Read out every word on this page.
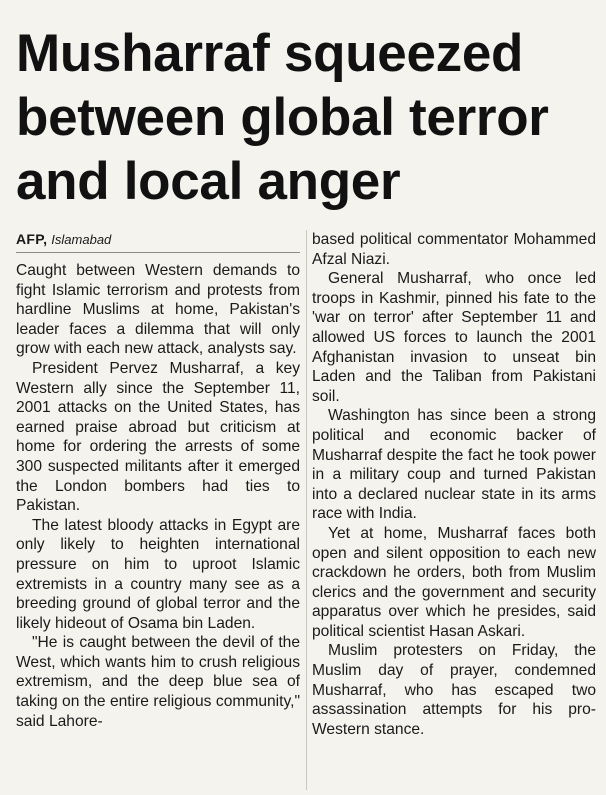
Musharraf squeezed between global terror and local anger
AFP, Islamabad

Caught between Western demands to fight Islamic terrorism and protests from hardline Muslims at home, Pakistan's leader faces a dilemma that will only grow with each new attack, analysts say.

President Pervez Musharraf, a key Western ally since the September 11, 2001 attacks on the United States, has earned praise abroad but criticism at home for ordering the arrests of some 300 suspected militants after it emerged the London bombers had ties to Pakistan.

The latest bloody attacks in Egypt are only likely to heighten international pressure on him to uproot Islamic extremists in a country many see as a breeding ground of global terror and the likely hideout of Osama bin Laden.

"He is caught between the devil of the West, which wants him to crush religious extremism, and the deep blue sea of taking on the entire religious community," said Lahore-

based political commentator Mohammed Afzal Niazi.

General Musharraf, who once led troops in Kashmir, pinned his fate to the 'war on terror' after September 11 and allowed US forces to launch the 2001 Afghanistan invasion to unseat bin Laden and the Taliban from Pakistani soil.

Washington has since been a strong political and economic backer of Musharraf despite the fact he took power in a military coup and turned Pakistan into a declared nuclear state in its arms race with India.

Yet at home, Musharraf faces both open and silent opposition to each new crackdown he orders, both from Muslim clerics and the government and security apparatus over which he presides, said political scientist Hasan Askari.

Muslim protesters on Friday, the Muslim day of prayer, condemned Musharraf, who has escaped two assassination attempts for his pro-Western stance.
